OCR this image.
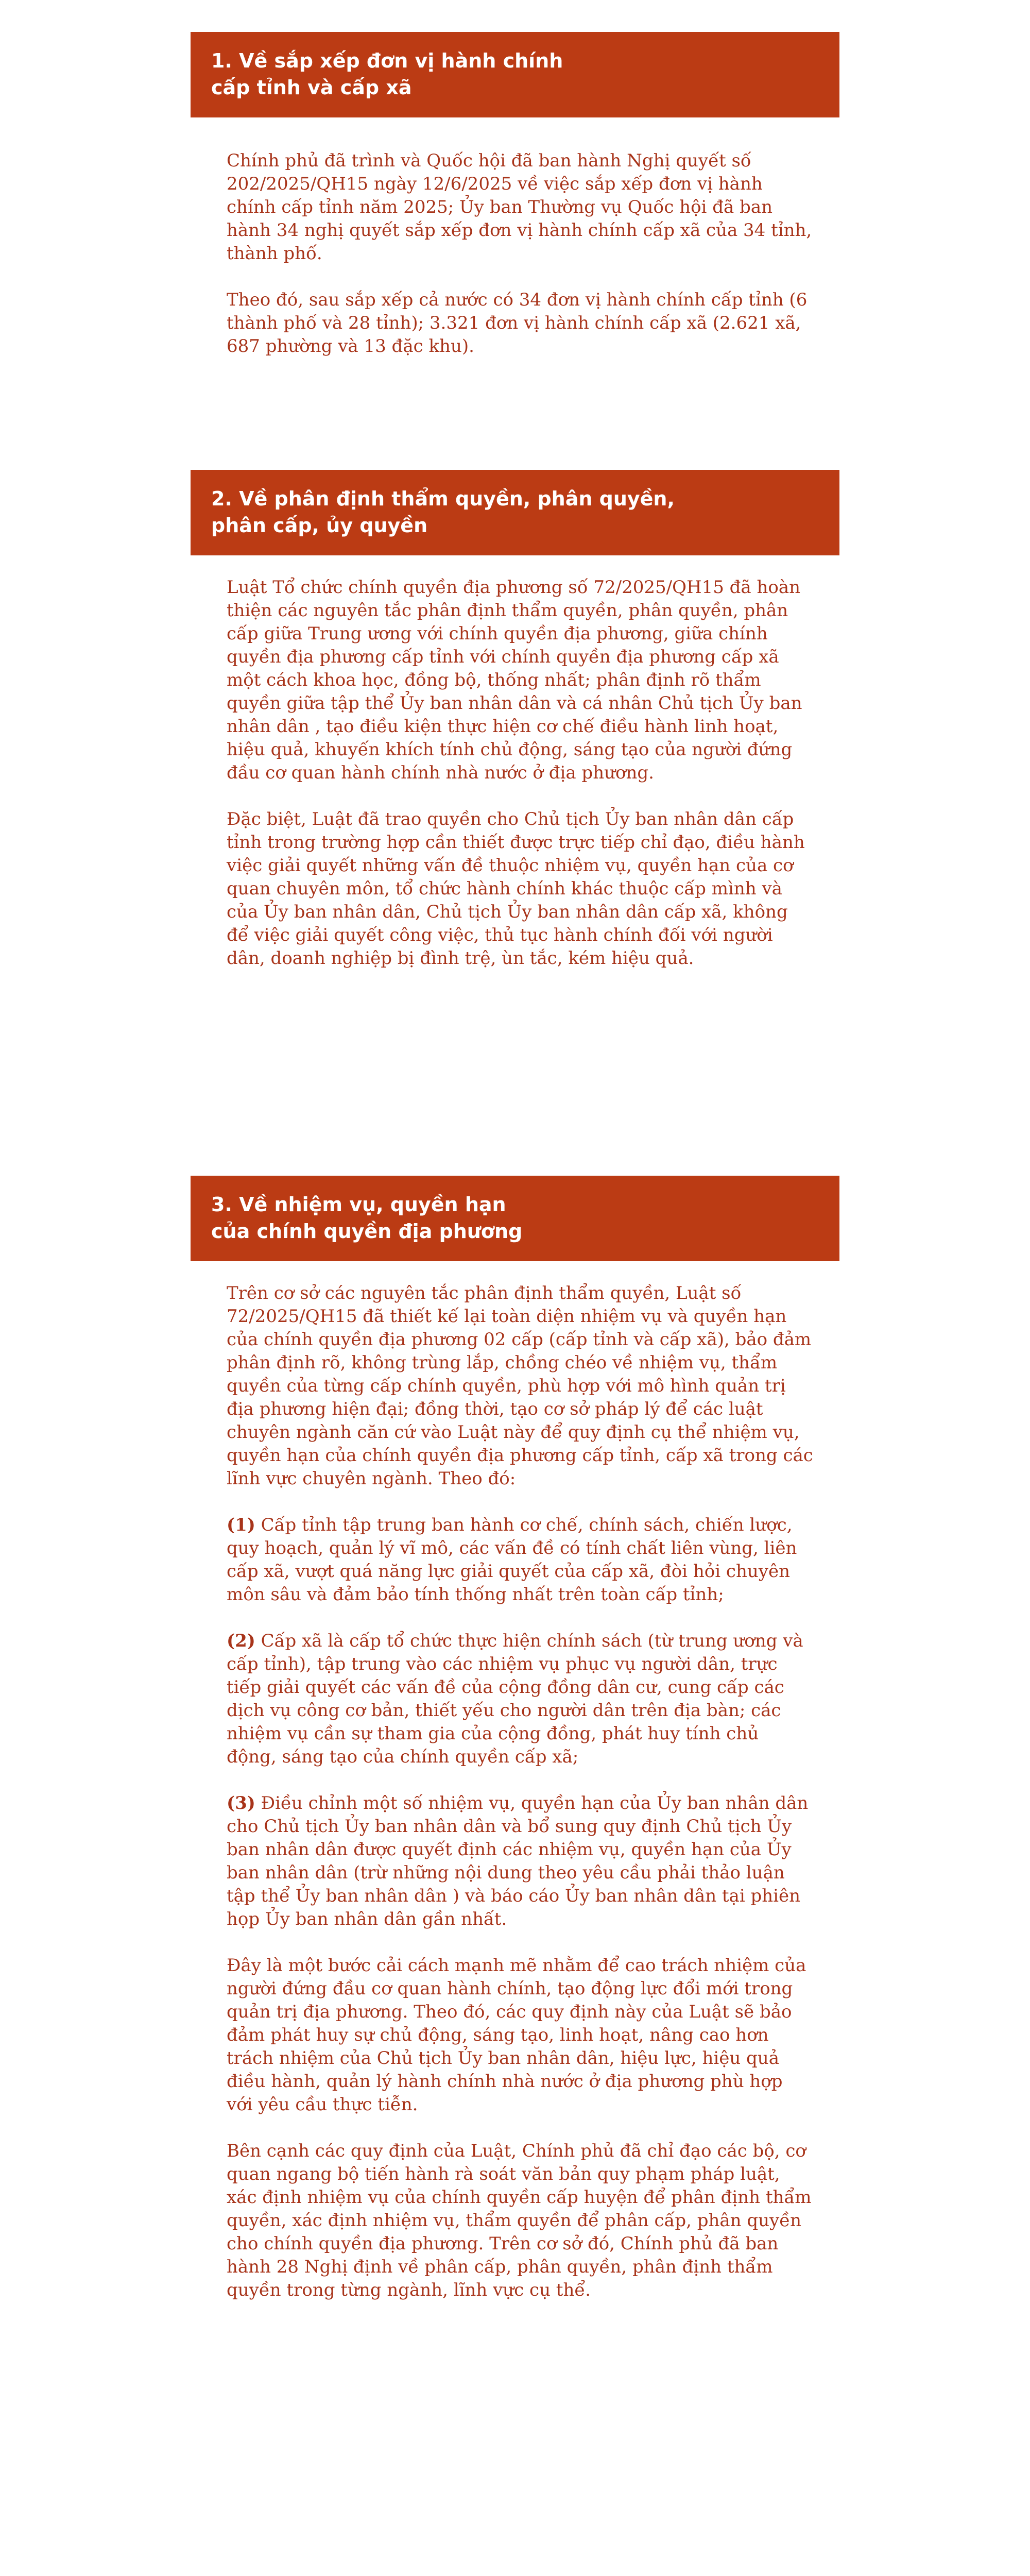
1. Về sắp xếp đơn vị hành chính
cấp tỉnh và cấp xã

Chính phủ đã trình và Quốc hội đã ban hành Nghị quyết số 202/2025/QH15 ngày 12/6/2025 về việc sắp xếp đơn vị hành chính cấp tỉnh năm 2025; Ủy ban Thường vụ Quốc hội đã ban hành 34 nghị quyết sắp xếp đơn vị hành chính cấp xã của 34 tỉnh, thành phố.

Theo đó, sau sắp xếp cả nước có 34 đơn vị hành chính cấp tỉnh (6 thành phố và 28 tỉnh); 3.321 đơn vị hành chính cấp xã (2.621 xã, 687 phường và 13 đặc khu).

2. Về phân định thẩm quyền, phân quyền,
phân cấp, ủy quyền

Luật Tổ chức chính quyền địa phương số 72/2025/QH15 đã hoàn thiện các nguyên tắc phân định thẩm quyền, phân quyền, phân cấp giữa Trung ương với chính quyền địa phương, giữa chính quyền địa phương cấp tỉnh với chính quyền địa phương cấp xã một cách khoa học, đồng bộ, thống nhất; phân định rõ thẩm quyền giữa tập thể Ủy ban nhân dân và cá nhân Chủ tịch Ủy ban nhân dân , tạo điều kiện thực hiện cơ chế điều hành linh hoạt, hiệu quả, khuyến khích tính chủ động, sáng tạo của người đứng đầu cơ quan hành chính nhà nước ở địa phương.

Đặc biệt, Luật đã trao quyền cho Chủ tịch Ủy ban nhân dân cấp tỉnh trong trường hợp cần thiết được trực tiếp chỉ đạo, điều hành việc giải quyết những vấn đề thuộc nhiệm vụ, quyền hạn của cơ quan chuyên môn, tổ chức hành chính khác thuộc cấp mình và của Ủy ban nhân dân, Chủ tịch Ủy ban nhân dân cấp xã, không để việc giải quyết công việc, thủ tục hành chính đối với người dân, doanh nghiệp bị đình trệ, ùn tắc, kém hiệu quả.

3. Về nhiệm vụ, quyền hạn
của chính quyền địa phương

Trên cơ sở các nguyên tắc phân định thẩm quyền, Luật số 72/2025/QH15 đã thiết kế lại toàn diện nhiệm vụ và quyền hạn của chính quyền địa phương 02 cấp (cấp tỉnh và cấp xã), bảo đảm phân định rõ, không trùng lắp, chồng chéo về nhiệm vụ, thẩm quyền của từng cấp chính quyền, phù hợp với mô hình quản trị địa phương hiện đại; đồng thời, tạo cơ sở pháp lý để các luật chuyên ngành căn cứ vào Luật này để quy định cụ thể nhiệm vụ, quyền hạn của chính quyền địa phương cấp tỉnh, cấp xã trong các lĩnh vực chuyên ngành. Theo đó:

(1) Cấp tỉnh tập trung ban hành cơ chế, chính sách, chiến lược, quy hoạch, quản lý vĩ mô, các vấn đề có tính chất liên vùng, liên cấp xã, vượt quá năng lực giải quyết của cấp xã, đòi hỏi chuyên môn sâu và đảm bảo tính thống nhất trên toàn cấp tỉnh;

(2) Cấp xã là cấp tổ chức thực hiện chính sách (từ trung ương và cấp tỉnh), tập trung vào các nhiệm vụ phục vụ người dân, trực tiếp giải quyết các vấn đề của cộng đồng dân cư, cung cấp các dịch vụ công cơ bản, thiết yếu cho người dân trên địa bàn; các nhiệm vụ cần sự tham gia của cộng đồng, phát huy tính chủ động, sáng tạo của chính quyền cấp xã;

(3) Điều chỉnh một số nhiệm vụ, quyền hạn của Ủy ban nhân dân cho Chủ tịch Ủy ban nhân dân và bổ sung quy định Chủ tịch Ủy ban nhân dân được quyết định các nhiệm vụ, quyền hạn của Ủy ban nhân dân (trừ những nội dung theo yêu cầu phải thảo luận tập thể Ủy ban nhân dân ) và báo cáo Ủy ban nhân dân tại phiên họp Ủy ban nhân dân gần nhất.

Đây là một bước cải cách mạnh mẽ nhằm để cao trách nhiệm của người đứng đầu cơ quan hành chính, tạo động lực đổi mới trong quản trị địa phương. Theo đó, các quy định này của Luật sẽ bảo đảm phát huy sự chủ động, sáng tạo, linh hoạt, nâng cao hơn trách nhiệm của Chủ tịch Ủy ban nhân dân, hiệu lực, hiệu quả điều hành, quản lý hành chính nhà nước ở địa phương phù hợp với yêu cầu thực tiễn.

Bên cạnh các quy định của Luật, Chính phủ đã chỉ đạo các bộ, cơ quan ngang bộ tiến hành rà soát văn bản quy phạm pháp luật, xác định nhiệm vụ của chính quyền cấp huyện để phân định thẩm quyền, xác định nhiệm vụ, thẩm quyền để phân cấp, phân quyền cho chính quyền địa phương. Trên cơ sở đó, Chính phủ đã ban hành 28 Nghị định về phân cấp, phân quyền, phân định thẩm quyền trong từng ngành, lĩnh vực cụ thể.
